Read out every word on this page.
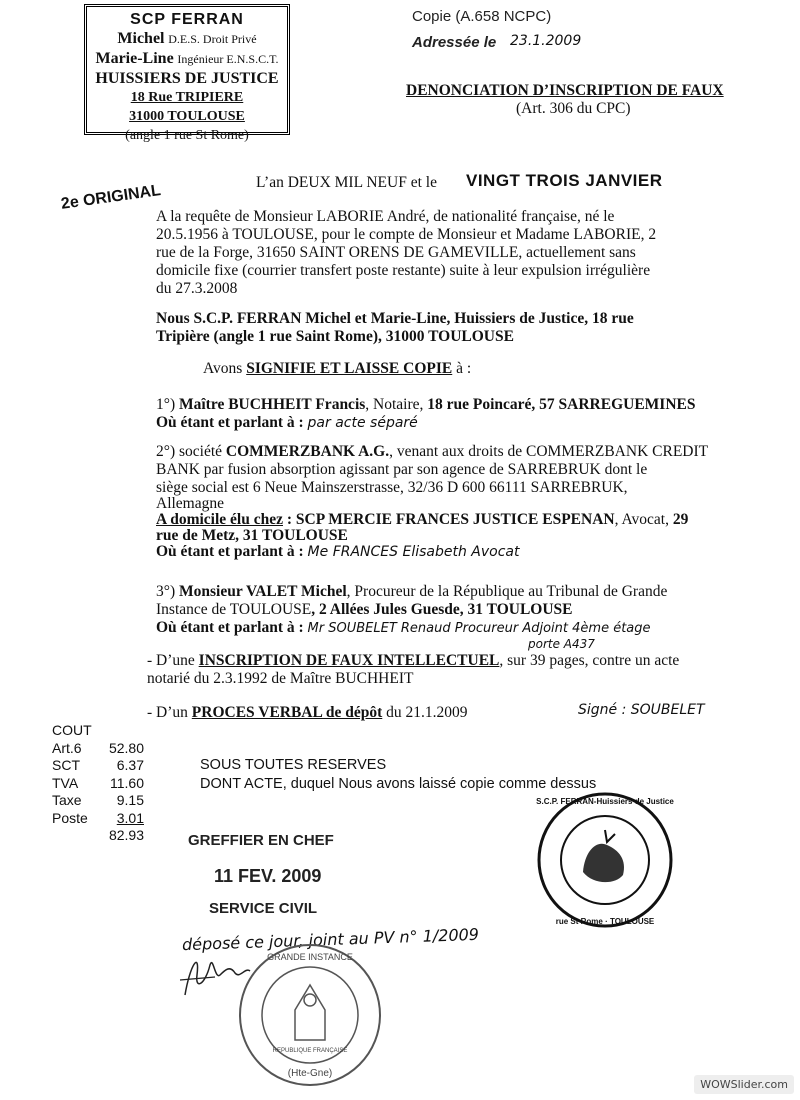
SCP FERRAN
Michel D.E.S. Droit Privé
Marie-Line Ingénieur E.N.S.C.T.
HUISSIERS DE JUSTICE
18 Rue TRIPIERE
31000 TOULOUSE
(angle 1 rue St Rome)
Copie (A.658 NCPC)
Adressée le 23.1.2009
DENONCIATION D’INSCRIPTION DE FAUX
(Art. 306 du CPC)
L’an DEUX MIL NEUF et le VINGT TROIS JANVIER
2e ORIGINAL
A la requête de Monsieur LABORIE André, de nationalité française, né le
20.5.1956 à TOULOUSE, pour le compte de Monsieur et Madame LABORIE, 2
rue de la Forge, 31650 SAINT ORENS DE GAMEVILLE, actuellement sans
domicile fixe (courrier transfert poste restante) suite à leur expulsion irrégulière
du 27.3.2008
Nous S.C.P. FERRAN Michel et Marie-Line, Huissiers de Justice, 18 rue
Tripière (angle 1 rue Saint Rome), 31000 TOULOUSE
Avons SIGNIFIE ET LAISSE COPIE à :
1°) Maître BUCHHEIT Francis, Notaire, 18 rue Poincaré, 57 SARREGUEMINES
Où étant et parlant à : par acte séparé
2°) société COMMERZBANK A.G., venant aux droits de COMMERZBANK CREDIT
BANK par fusion absorption agissant par son agence de SARREBRUK dont le
siège social est 6 Neue Mainszerstrasse, 32/36 D 600 66111 SARREBRUK,
Allemagne
A domicile élu chez : SCP MERCIE FRANCES JUSTICE ESPENAN, Avocat, 29
rue de Metz, 31 TOULOUSE
Où étant et parlant à : Me FRANCES Elisabeth Avocat
3°) Monsieur VALET Michel, Procureur de la République au Tribunal de Grande
Instance de TOULOUSE, 2 Allées Jules Guesde, 31 TOULOUSE
Où étant et parlant à : Mr SOUBELET Renaud Procureur Adjoint 4ème étage
porte A437
- D’une INSCRIPTION DE FAUX INTELLECTUEL, sur 39 pages, contre un acte
notarié du 2.3.1992 de Maître BUCHHEIT
- D’un PROCES VERBAL de dépôt du 21.1.2009	Signé : SOUBELET
COUT
Art.6 52.80
SCT	6.37
TVA 11.60
Taxe	9.15
Poste 3.01
82.93
SOUS TOUTES RESERVES
DONT ACTE, duquel Nous avons laissé copie comme dessus
GREFFIER EN CHEF
11 FEV. 2009
SERVICE CIVIL
déposé ce jour, joint au PV n° 1/2009
S.C.P. FERRAN-Huissiers de Justice
rue St Rome · TOULOUSE
GRANDE INSTANCE
REPUBLIQUE FRANÇAISE
(Hte-Gne)
WOWSlider.com
